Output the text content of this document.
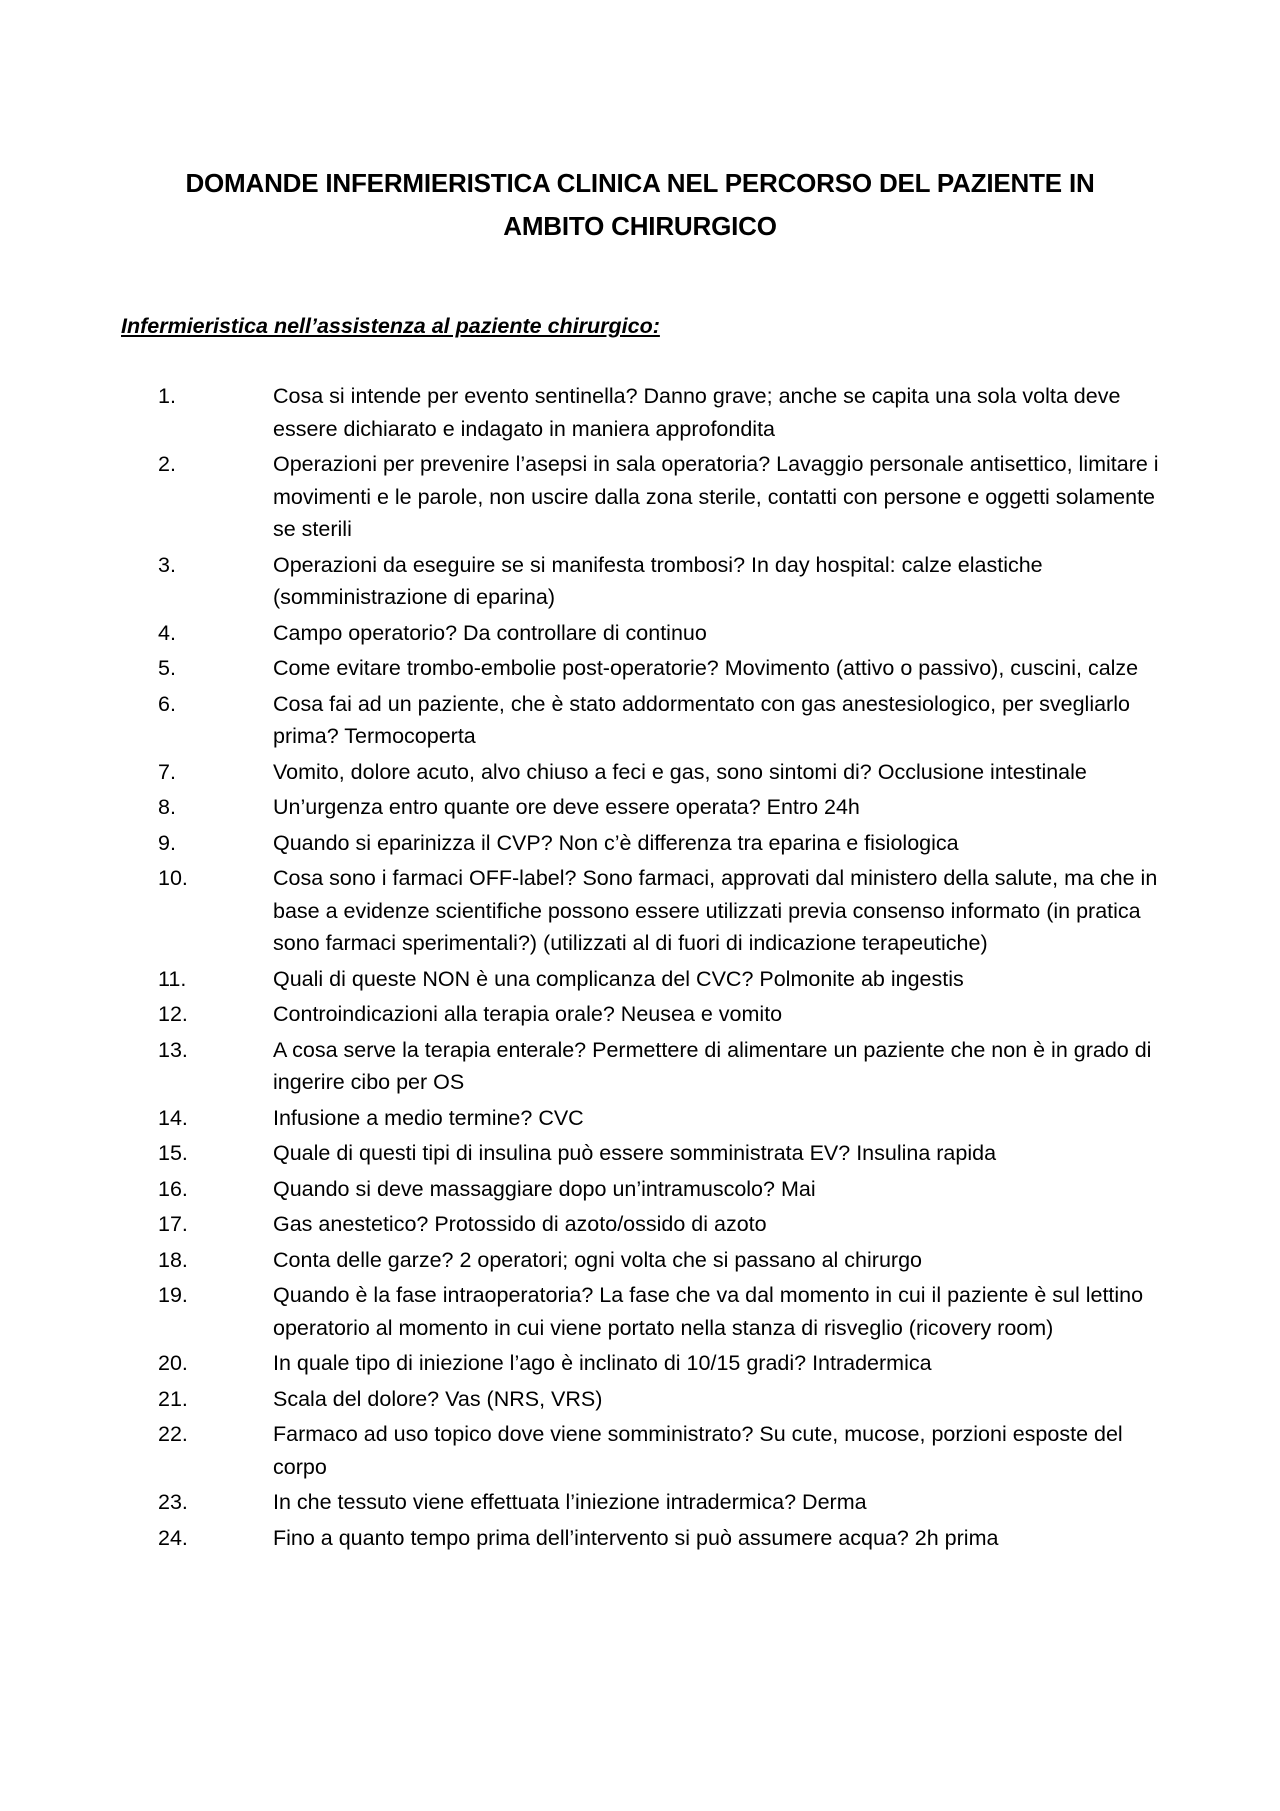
DOMANDE INFERMIERISTICA CLINICA NEL PERCORSO DEL PAZIENTE IN
AMBITO CHIRURGICO
Infermieristica nell’assistenza al paziente chirurgico:
1.	Cosa si intende per evento sentinella? Danno grave; anche se capita una sola volta deve essere dichiarato e indagato in maniera approfondita
2.	Operazioni per prevenire l’asepsi in sala operatoria? Lavaggio personale antisettico, limitare i movimenti e le parole, non uscire dalla zona sterile, contatti con persone e oggetti solamente se sterili
3.	Operazioni da eseguire se si manifesta trombosi? In day hospital: calze elastiche (somministrazione di eparina)
4.	Campo operatorio? Da controllare di continuo
5.	Come evitare trombo-embolie post-operatorie? Movimento (attivo o passivo), cuscini, calze
6.	Cosa fai ad un paziente, che è stato addormentato con gas anestesiologico, per svegliarlo prima? Termocoperta
7.	Vomito, dolore acuto, alvo chiuso a feci e gas, sono sintomi di? Occlusione intestinale
8.	Un’urgenza entro quante ore deve essere operata? Entro 24h
9.	Quando si eparinizza il CVP? Non c’è differenza tra eparina e fisiologica
10.	Cosa sono i farmaci OFF-label? Sono farmaci, approvati dal ministero della salute, ma che in base a evidenze scientifiche possono essere utilizzati previa consenso informato (in pratica sono farmaci sperimentali?) (utilizzati al di fuori di indicazione terapeutiche)
11.	Quali di queste NON è una complicanza del CVC? Polmonite ab ingestis
12.	Controindicazioni alla terapia orale? Neusea e vomito
13.	A cosa serve la terapia enterale? Permettere di alimentare un paziente che non è in grado di ingerire cibo per OS
14.	Infusione a medio termine? CVC
15.	Quale di questi tipi di insulina può essere somministrata EV? Insulina rapida
16.	Quando si deve massaggiare dopo un’intramuscolo? Mai
17.	Gas anestetico? Protossido di azoto/ossido di azoto
18.	Conta delle garze? 2 operatori; ogni volta che si passano al chirurgo
19.	Quando è la fase intraoperatoria? La fase che va dal momento in cui il paziente è sul lettino operatorio al momento in cui viene portato nella stanza di risveglio (ricovery room)
20.	In quale tipo di iniezione l’ago è inclinato di 10/15 gradi? Intradermica
21.	Scala del dolore? Vas (NRS, VRS)
22.	Farmaco ad uso topico dove viene somministrato? Su cute, mucose, porzioni esposte del corpo
23.	In che tessuto viene effettuata l’iniezione intradermica? Derma
24.	Fino a quanto tempo prima dell’intervento si può assumere acqua? 2h prima
